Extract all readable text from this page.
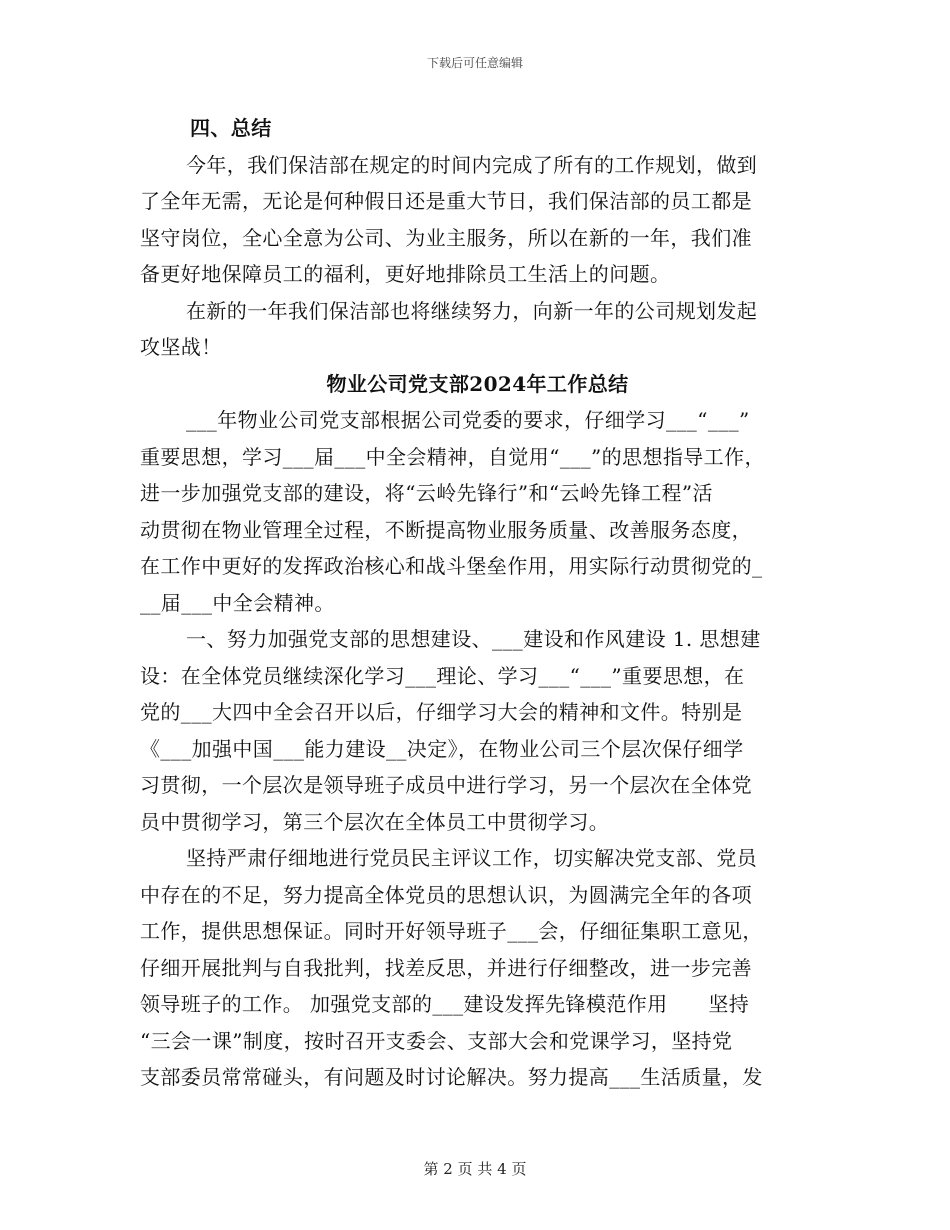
下载后可任意编辑
四、总结
今年，我们保洁部在规定的时间内完成了所有的工作规划，做到
了全年无需，无论是何种假日还是重大节日，我们保洁部的员工都是
坚守岗位，全心全意为公司、为业主服务，所以在新的一年，我们准
备更好地保障员工的福利，更好地排除员工生活上的问题。
在新的一年我们保洁部也将继续努力，向新一年的公司规划发起
攻坚战！
物业公司党支部2024年工作总结
___年物业公司党支部根据公司党委的要求，仔细学习___“___”
重要思想，学习___届___中全会精神，自觉用“___”的思想指导工作，
进一步加强党支部的建设，将“云岭先锋行”和“云岭先锋工程”活
动贯彻在物业管理全过程，不断提高物业服务质量、改善服务态度，
在工作中更好的发挥政治核心和战斗堡垒作用，用实际行动贯彻党的_
__届___中全会精神。
一、努力加强党支部的思想建设、___建设和作风建设 1. 思想建
设：在全体党员继续深化学习___理论、学习___“___”重要思想，在
党的___大四中全会召开以后，仔细学习大会的精神和文件。特别是
《___加强中国___能力建设__决定》，在物业公司三个层次保仔细学
习贯彻，一个层次是领导班子成员中进行学习，另一个层次在全体党
员中贯彻学习，第三个层次在全体员工中贯彻学习。
坚持严肃仔细地进行党员民主评议工作，切实解决党支部、党员
中存在的不足，努力提高全体党员的思想认识，为圆满完全年的各项
工作，提供思想保证。同时开好领导班子___会，仔细征集职工意见，
仔细开展批判与自我批判，找差反思，并进行仔细整改，进一步完善
领导班子的工作。 加强党支部的___建设发挥先锋模范作用　　坚持
“三会一课”制度，按时召开支委会、支部大会和党课学习，坚持党
支部委员常常碰头，有问题及时讨论解决。努力提高___生活质量，发
第 2 页 共 4 页
